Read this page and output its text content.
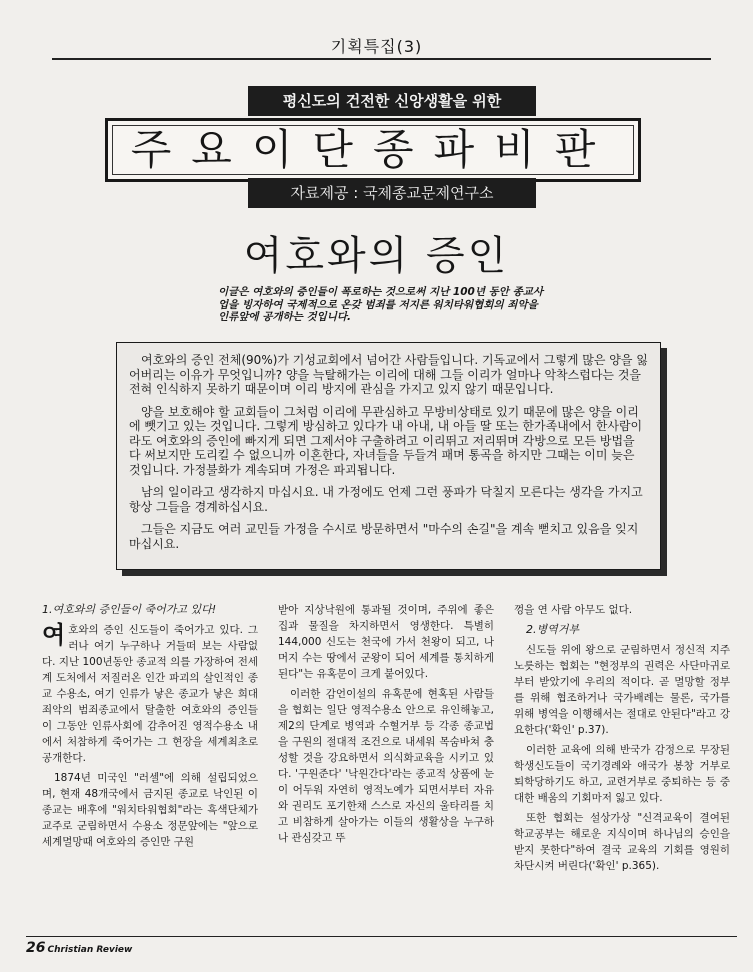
기획특집(3)
평신도의 건전한 신앙생활을 위한
주요이단종파비판
자료제공 : 국제종교문제연구소
여호와의 증인
이글은 여호와의 증인들이 폭로하는 것으로써 지난 100년 동안 종교사업을 빙자하여 국제적으로 온갖 범죄를 저지른 워치타워협회의 죄악을 인류앞에 공개하는 것입니다.

여호와의 증인 전체(90%)가 기성교회에서 넘어간 사람들입니다. 기독교에서 그렇게 많은 양을 잃어버리는 이유가 무엇입니까? 양을 늑탈해가는 이리에 대해 그들 이리가 얼마나 악착스럽다는 것을 전혀 인식하지 못하기 때문이며 이리 방지에 관심을 가지고 있지 않기 때문입니다.

양을 보호해야 할 교회들이 그처럼 이리에 무관심하고 무방비상태로 있기 때문에 많은 양을 이리에 뺏기고 있는 것입니다. 그렇게 방심하고 있다가 내 아내, 내 아들 딸 또는 한가족내에서 한사람이라도 여호와의 증인에 빠지게 되면 그제서야 구출하려고 이리뛰고 저리뛰며 각방으로 모든 방법을 다 써보지만 도리킬 수 없으니까 이혼한다, 자녀들을 두들겨 패며 통곡을 하지만 그때는 이미 늦은 것입니다. 가정불화가 계속되며 가정은 파괴됩니다.

남의 일이라고 생각하지 마십시요. 내 가정에도 언제 그런 풍파가 닥칠지 모른다는 생각을 가지고 항상 그들을 경계하십시요.

그들은 지금도 여러 교민들 가정을 수시로 방문하면서 "마수의 손길"을 계속 뻗치고 있음을 잊지 마십시요.

1.여호와의 증인들이 죽어가고 있다!

여호와의 증인 신도들이 죽어가고 있다. 그러나 여기 누구하나 거들떠 보는 사람없다. 지난 100년동안 종교적 의를 가장하여 전세계 도처에서 저질러온 인간 파괴의 살인적인 종교 수용소, 여기 인류가 낳은 종교가 낳은 희대죄악의 범죄종교에서 탈출한 여호와의 증인들이 그동안 인류사회에 감추어진 영적수용소 내에서 처참하게 죽어가는 그 현장을 세계최초로 공개한다.

1874년 미국인 "러셀"에 의해 설립되었으며, 현재 48개국에서 금지된 종교로 낙인된 이 종교는 배후에 "워치타워협회"라는 흑색단체가 교주로 군림하면서 수용소 정문앞에는 "앞으로 세계멸망때 여호와의 증인만 구원

받아 지상낙원에 통과될 것이며, 주위에 좋은 집과 물질을 차지하면서 영생한다. 특별히 144,000 신도는 천국에 가서 천왕이 되고, 나머지 수는 땅에서 군왕이 되어 세계를 통치하게 된다"는 유혹문이 크게 붙어있다.

이러한 감언이설의 유혹문에 현혹된 사람들을 협회는 일단 영적수용소 안으로 유인해놓고, 제2의 단계로 병역과 수혈거부 등 각종 종교법을 구원의 절대적 조건으로 내세워 목숨바쳐 충성할 것을 강요하면서 의식화교육을 시키고 있다. '구원준다' '낙원간다'라는 종교적 상품에 눈이 어두워 자연히 영적노예가 되면서부터 자유와 권리도 포기한채 스스로 자신의 울타리를 치고 비참하게 살아가는 이들의 생활상을 누구하나 관심갖고 뚜

껑을 연 사람 아무도 없다.

2.병역거부

신도들 위에 왕으로 군림하면서 정신적 지주노릇하는 협회는 "현정부의 권력은 사단마귀로부터 받았기에 우리의 적이다. 곧 멸망할 정부를 위해 협조하거나 국가배례는 물론, 국가를 위해 병역을 이행해서는 절대로 안된다"라고 강요한다('확인' p.37).

이러한 교육에 의해 반국가 감정으로 무장된 학생신도들이 국기경례와 애국가 봉창 거부로 퇴학당하기도 하고, 교련거부로 중퇴하는 등 중대한 배움의 기회마저 잃고 있다.

또한 협회는 설상가상 "신격교육이 결여된 학교공부는 해로운 지식이며 하나님의 승인을 받지 못한다"하여 결국 교육의 기회를 영원히 차단시켜 버린다('확인' p.365).

26 Christian Review
